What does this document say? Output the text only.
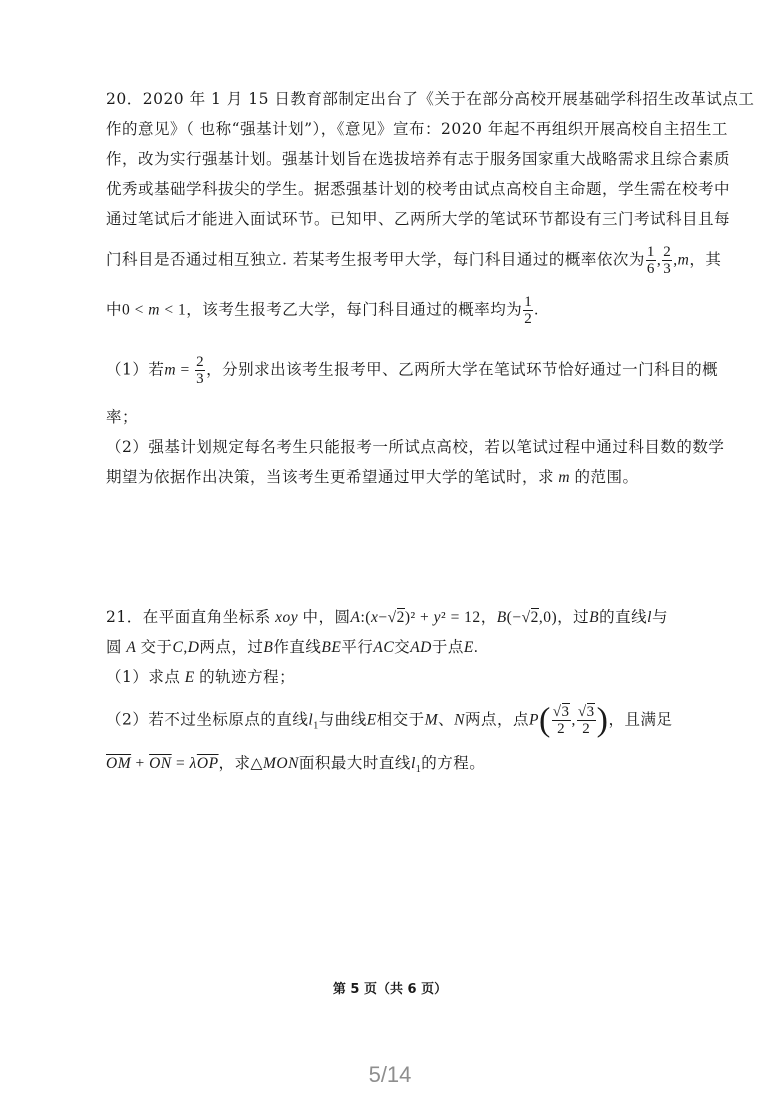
20．2020 年 1 月 15 日教育部制定出台了《关于在部分高校开展基础学科招生改革试点工
作的意见》（ 也称“强基计划”），《意见》宣布：2020 年起不再组织开展高校自主招生工
作，改为实行强基计划。强基计划旨在选拔培养有志于服务国家重大战略需求且综合素质
优秀或基础学科拔尖的学生。据悉强基计划的校考由试点高校自主命题，学生需在校考中
通过笔试后才能进入面试环节。已知甲、乙两所大学的笔试环节都设有三门考试科目且每
门科目是否通过相互独立. 若某考生报考甲大学，每门科目通过的概率依次为 $\frac{1}{6}$ , $\frac{2}{3} ,m$，其
中0 < m < 1，该考生报考乙大学，每门科目通过的概率均为 $\frac{1}{2}$ .
（1）若$m = \frac{2}{3}$ ，分别求出该考生报考甲、乙两所大学在笔试环节恰好通过一门科目的概
率；
（2）强基计划规定每名考生只能报考一所试点高校，若以笔试过程中通过科目数的数学
期望为依据作出决策，当该考生更希望通过甲大学的笔试时，求 m 的范围。
21．在平面直角坐标系 xoy 中，圆A:(x−√2)² + y² = 12，B(−√2,0)，过B的直线l与
圆 A 交于C,D两点，过B作直线BE平行AC交AD于点E.
（1）求点 E 的轨迹方程；
（2）若不过坐标原点的直线$l_1$与曲线E相交于M、N两点，点$P( \frac{√3}{2}$ , $\frac{√3}{2}$ )，且满足
$\overline{OM} + \overline{ON} = \lambda\overline{OP}$，求△MON面积最大时直线$l_1$的方程。
第 5 页（共 6 页）
5/14
